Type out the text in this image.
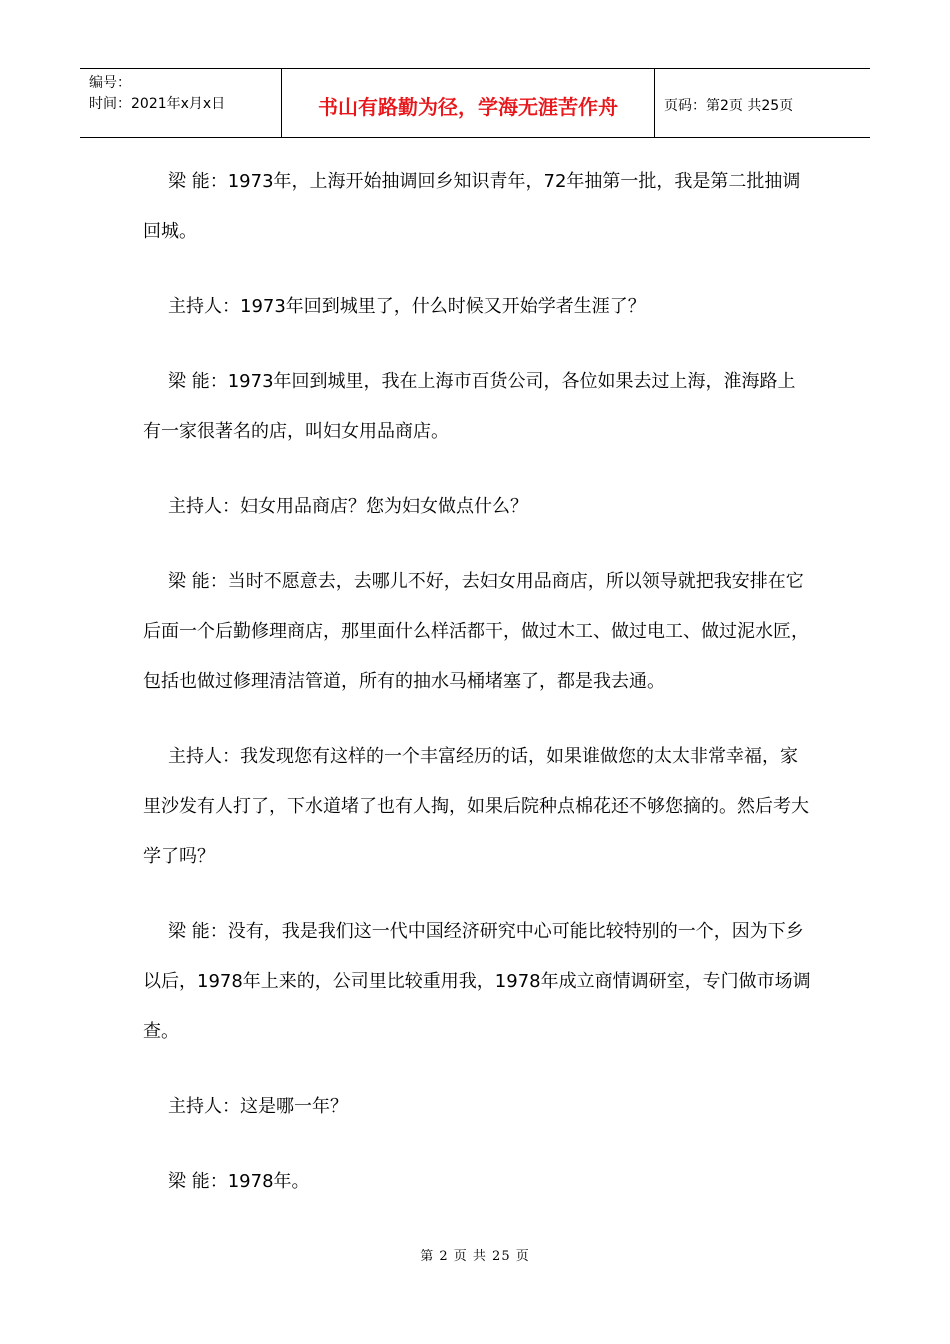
编号：
时间：2021年x月x日	书山有路勤为径，学海无涯苦作舟	页码：第2页 共25页

梁 能：1973年，上海开始抽调回乡知识青年，72年抽第一批，我是第二批抽调回城。

主持人：1973年回到城里了，什么时候又开始学者生涯了？

梁 能：1973年回到城里，我在上海市百货公司，各位如果去过上海，淮海路上有一家很著名的店，叫妇女用品商店。

主持人：妇女用品商店？您为妇女做点什么？

梁 能：当时不愿意去，去哪儿不好，去妇女用品商店，所以领导就把我安排在它后面一个后勤修理商店，那里面什么样活都干，做过木工、做过电工、做过泥水匠，包括也做过修理清洁管道，所有的抽水马桶堵塞了，都是我去通。

主持人：我发现您有这样的一个丰富经历的话，如果谁做您的太太非常幸福，家里沙发有人打了，下水道堵了也有人掏，如果后院种点棉花还不够您摘的。然后考大学了吗？

梁 能：没有，我是我们这一代中国经济研究中心可能比较特别的一个，因为下乡以后，1978年上来的，公司里比较重用我，1978年成立商情调研室，专门做市场调查。

主持人：这是哪一年？

梁 能：1978年。

第 2 页 共 25 页
